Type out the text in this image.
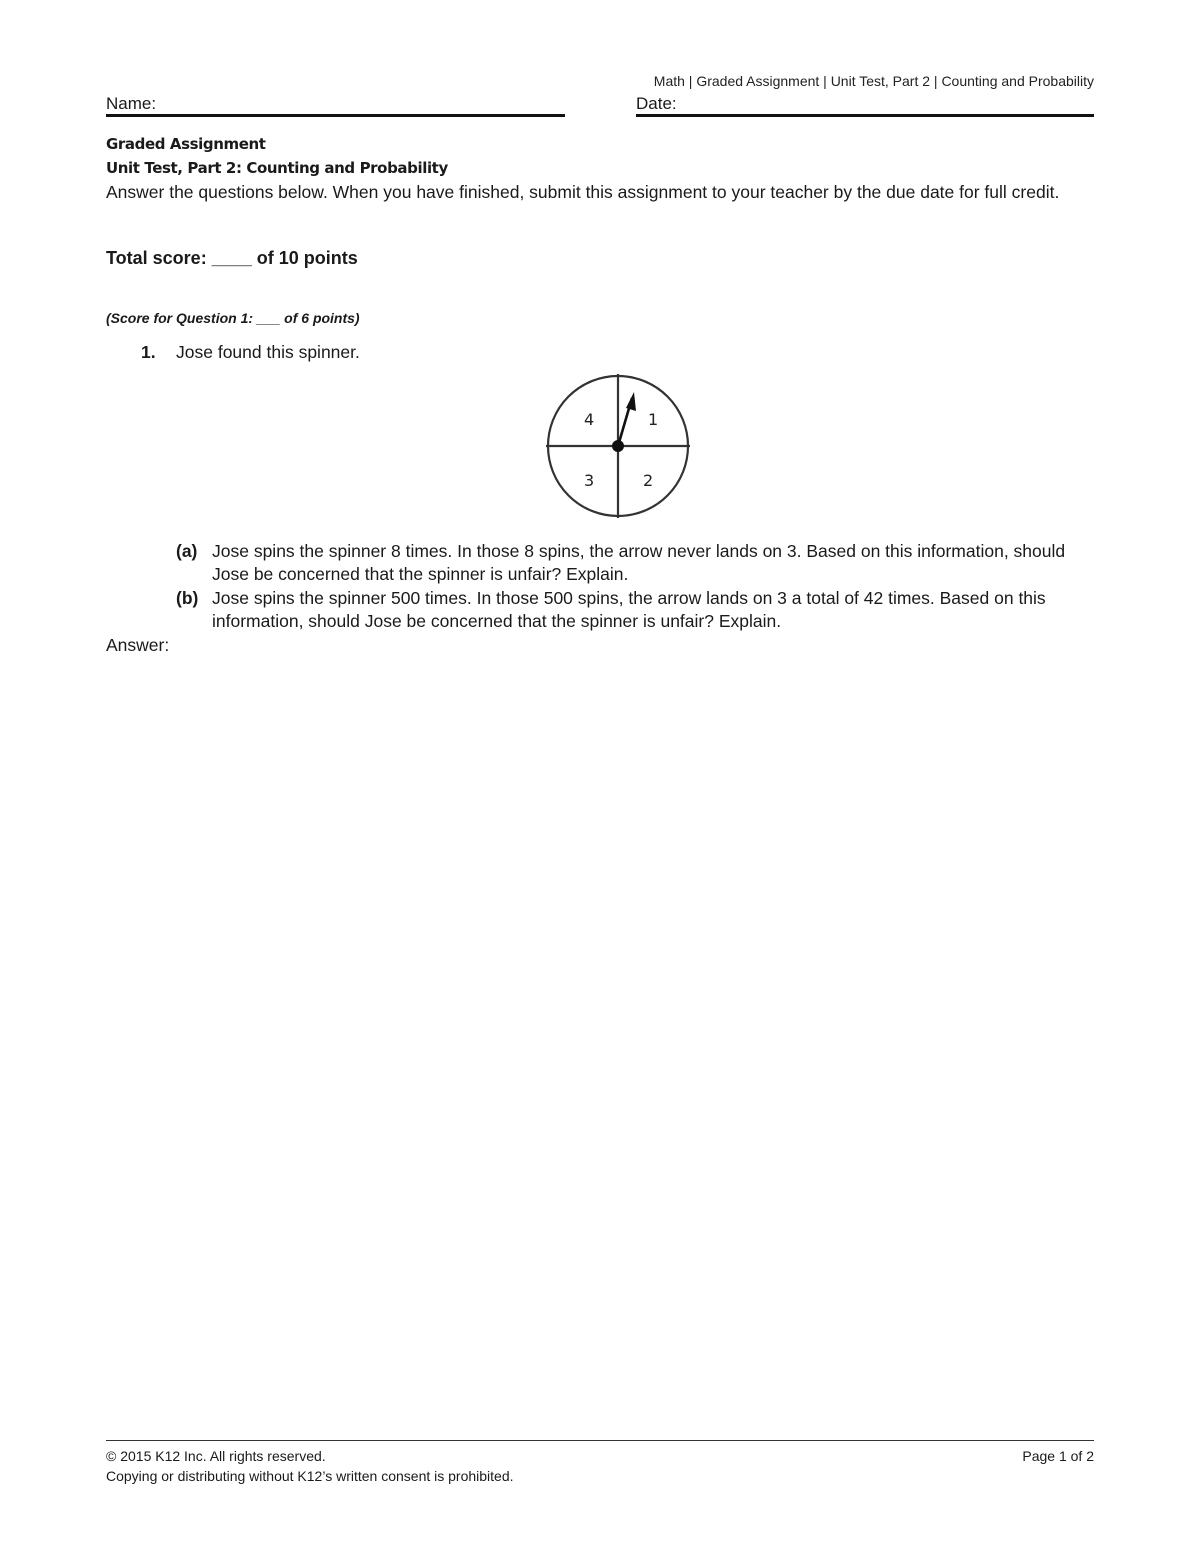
Math | Graded Assignment | Unit Test, Part 2 | Counting and Probability
Name:	Date:
Graded Assignment
Unit Test, Part 2: Counting and Probability

Answer the questions below. When you have finished, submit this assignment to your teacher by the due date for full credit.

Total score: ____ of 10 points
(Score for Question 1: ___ of 6 points)
1. Jose found this spinner.
1
2
3
4
(a) Jose spins the spinner 8 times. In those 8 spins, the arrow never lands on 3. Based on this information, should Jose be concerned that the spinner is unfair? Explain.
(b) Jose spins the spinner 500 times. In those 500 spins, the arrow lands on 3 a total of 42 times. Based on this information, should Jose be concerned that the spinner is unfair? Explain.
Answer:
© 2015 K12 Inc. All rights reserved.
Copying or distributing without K12’s written consent is prohibited.
Page 1 of 2
